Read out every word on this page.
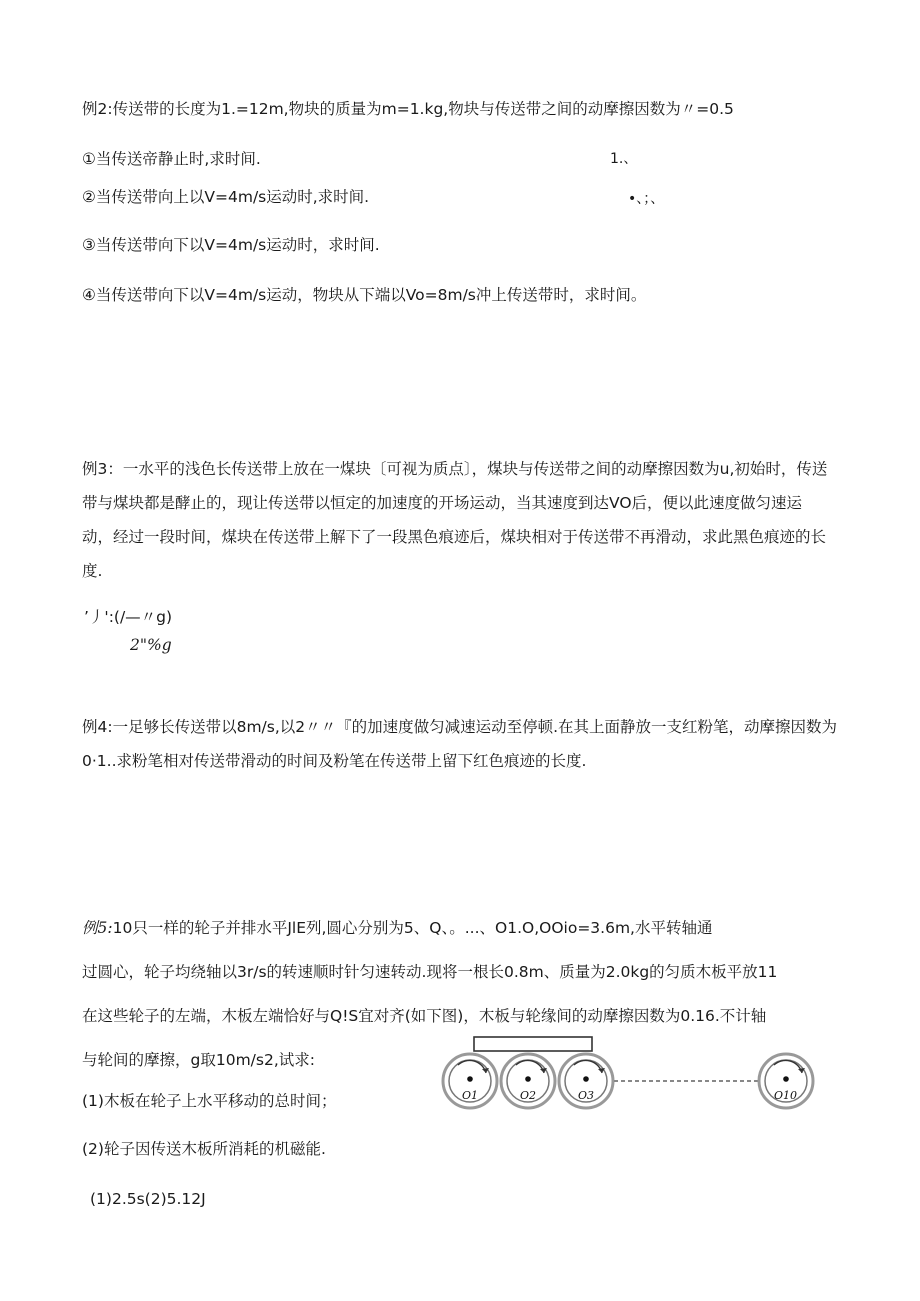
例2:传送带的长度为1.=12m,物块的质量为m=1.kg,物块与传送带之间的动摩擦因数为〃=0.5
①当传送帝静止时,求时间.	1.、
②当传送带向上以V=4m/s运动时,求时间.	•、；、
③当传送带向下以V=4m/s运动时，求时间.
④当传送带向下以V=4m/s运动，物块从下端以Vo=8m/s冲上传送带时，求时间。
例3：一水平的浅色长传送带上放在一煤块〔可视为质点〕，煤块与传送带之间的动摩擦因数为u,初始时，传送
带与煤块都是酵止的，现让传送带以恒定的加速度的开场运动，当其速度到达VO后，便以此速度做匀速运
动，经过一段时间，煤块在传送带上解下了一段黑色痕迹后，煤块相对于传送带不再滑动，求此黑色痕迹的长
度.
’丿':(/—〃g)
2"%g
例4:一足够长传送带以8m/s,以2〃〃『的加速度做匀减速运动至停顿.在其上面静放一支红粉笔，动摩擦因数为
0·1..求粉笔相对传送带滑动的时间及粉笔在传送带上留下红色痕迹的长度.
例5:10只一样的轮子并排水平JlE列,圆心分别为5、Q、。...、O1.O,OOio=3.6m,水平转轴通
过圆心，轮子均绕轴以3r/s的转速顺时针匀速转动.现将一根长0.8m、质量为2.0kg的匀质木板平放11
在这些轮子的左端，木板左端恰好与Q!S宜对齐(如下图)，木板与轮缘间的动摩擦因数为0.16.不计轴
与轮间的摩擦，g取10m/s2,试求:
(1)木板在轮子上水平移动的总时间；
(2)轮子因传送木板所消耗的机磁能.
(1)2.5s(2)5.12J
O1	O2	O3	O10
